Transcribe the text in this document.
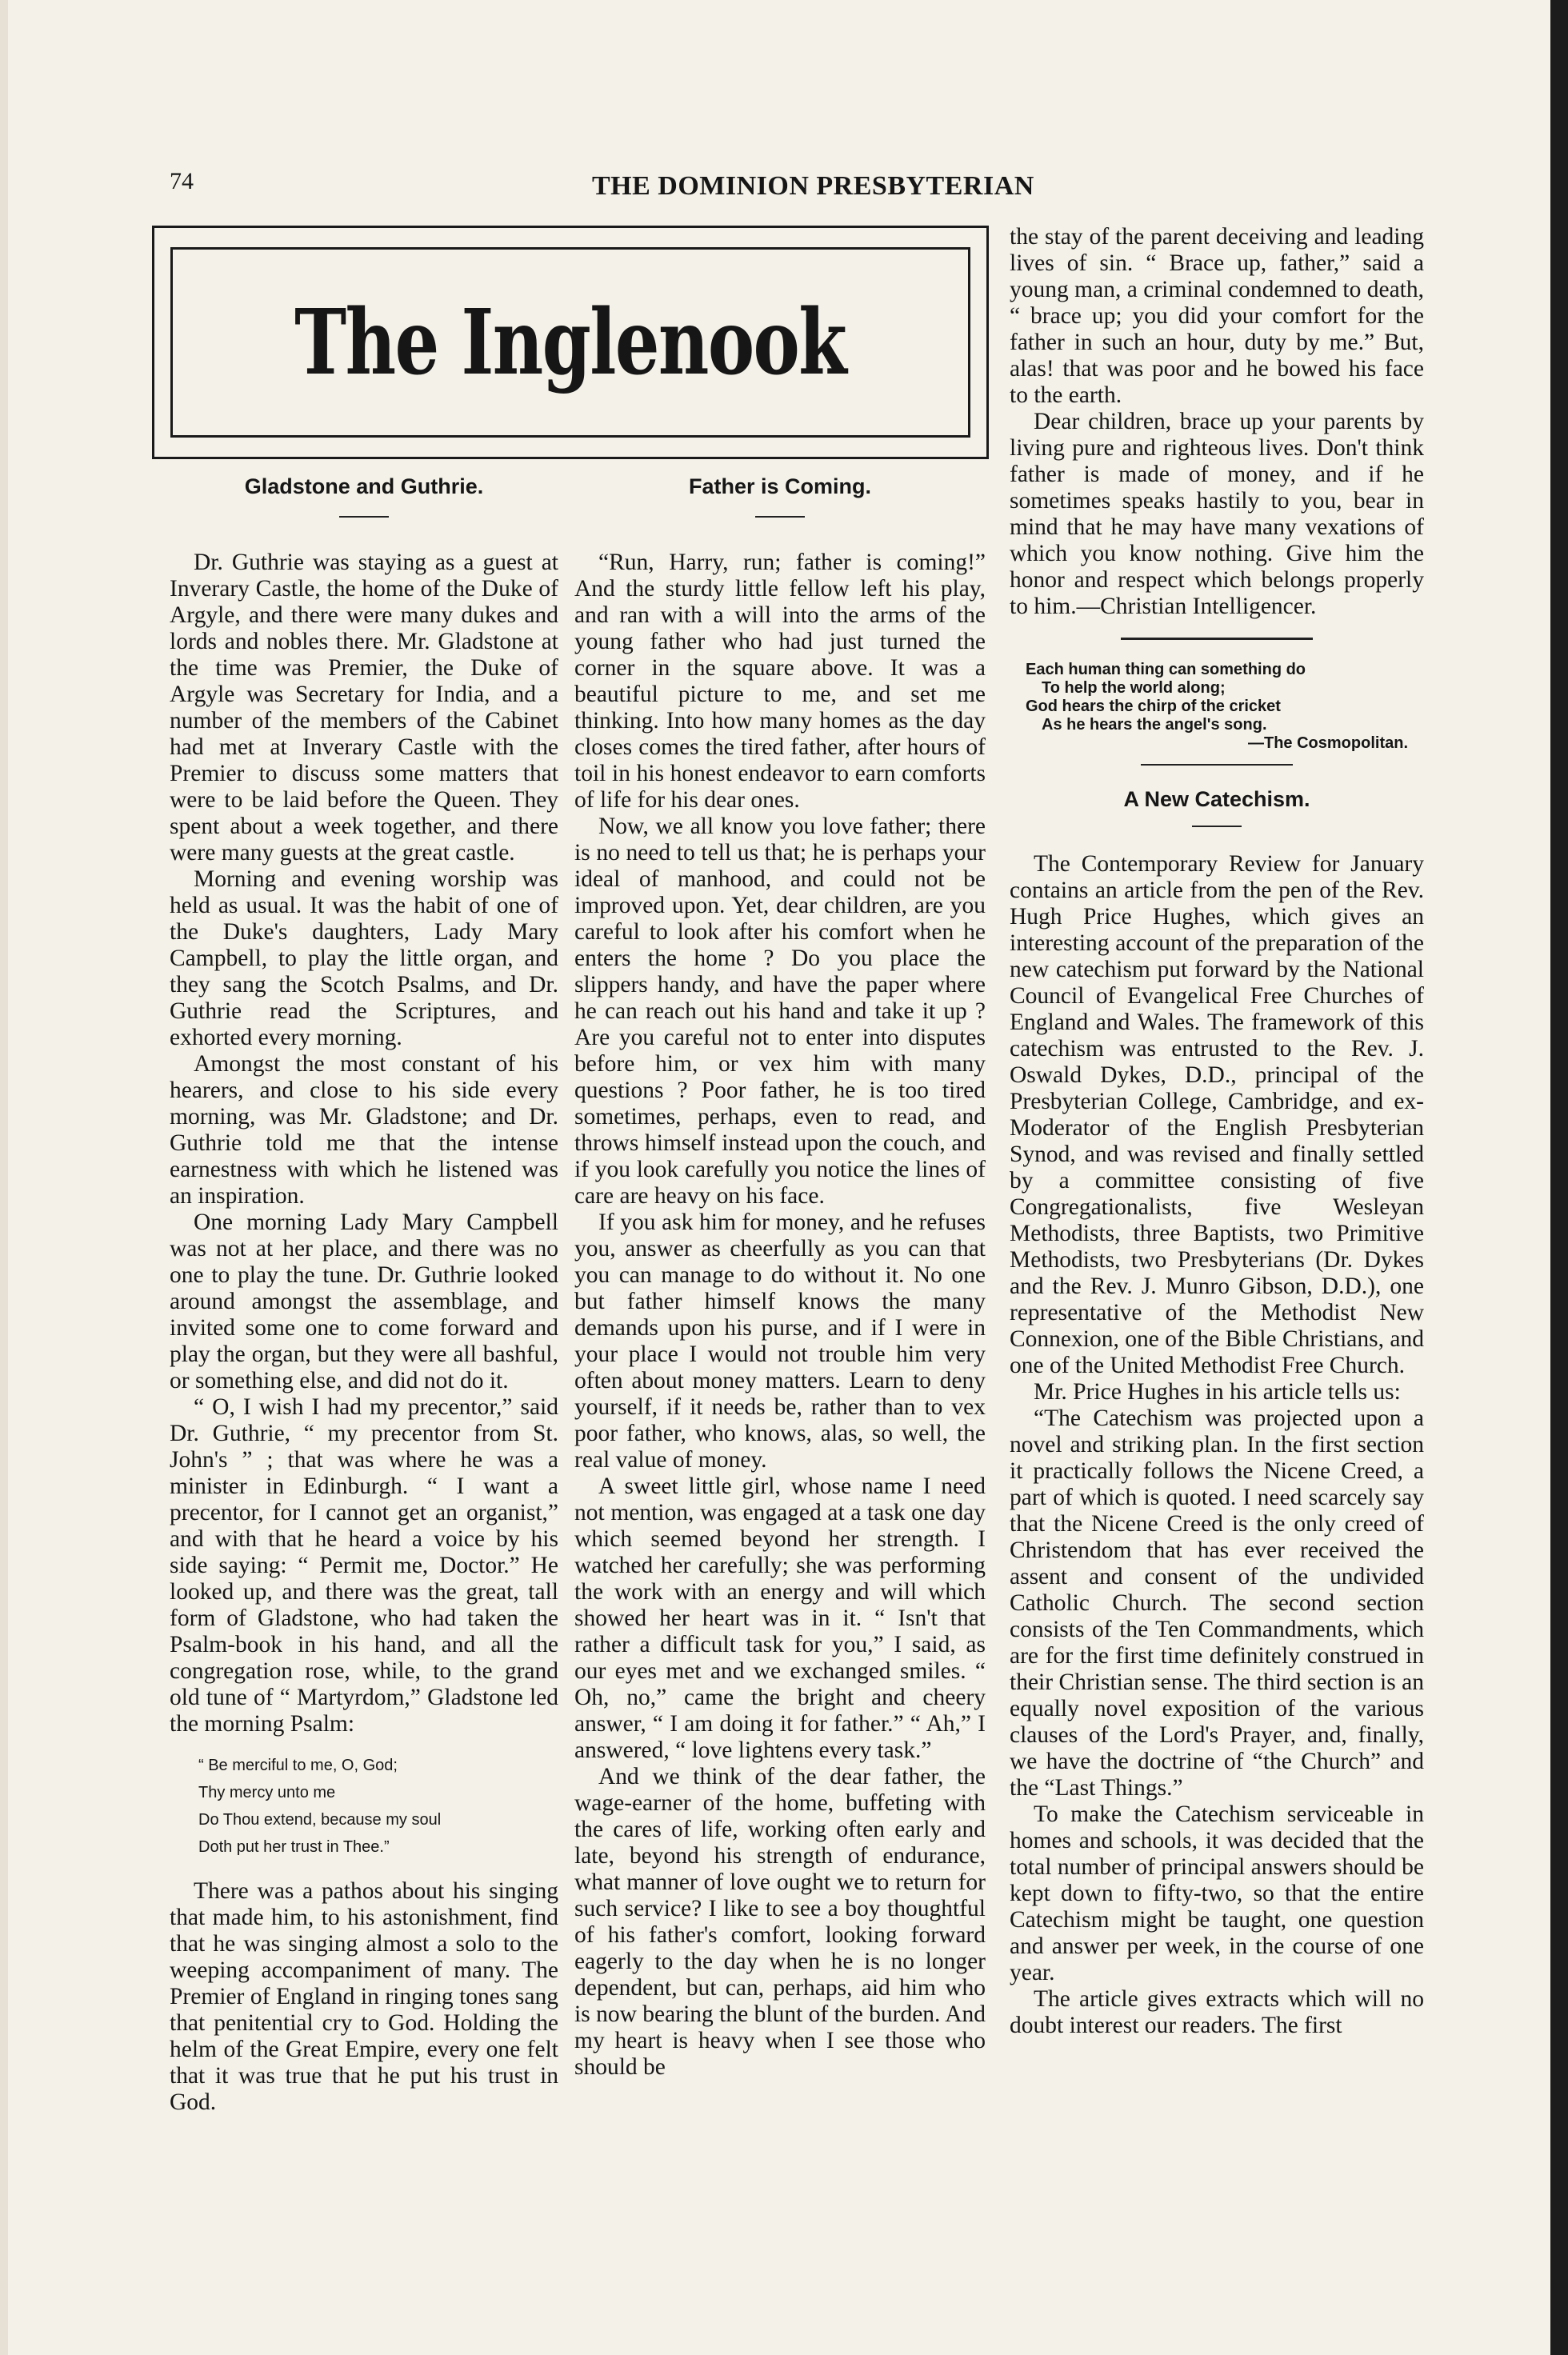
74	THE DOMINION PRESBYTERIAN
The Inglenook
Gladstone and Guthrie.

Dr. Guthrie was staying as a guest at Inverary Castle, the home of the Duke of Argyle, and there were many dukes and lords and nobles there. Mr. Gladstone at the time was Premier, the Duke of Argyle was Secretary for India, and a number of the members of the Cabinet had met at Inverary Castle with the Premier to discuss some matters that were to be laid before the Queen. They spent about a week together, and there were many guests at the great castle.

Morning and evening worship was held as usual. It was the habit of one of the Duke's daughters, Lady Mary Campbell, to play the little organ, and they sang the Scotch Psalms, and Dr. Guthrie read the Scriptures, and exhorted every morning.

Amongst the most constant of his hearers, and close to his side every morning, was Mr. Gladstone; and Dr. Guthrie told me that the intense earnestness with which he listened was an inspiration.

One morning Lady Mary Campbell was not at her place, and there was no one to play the tune. Dr. Guthrie looked around amongst the assemblage, and invited some one to come forward and play the organ, but they were all bashful, or something else, and did not do it.

“ O, I wish I had my precentor,” said Dr. Guthrie, “ my precentor from St. John's ” ; that was where he was a minister in Edinburgh. “ I want a precentor, for I cannot get an organist,” and with that he heard a voice by his side saying: “ Permit me, Doctor.” He looked up, and there was the great, tall form of Gladstone, who had taken the Psalm-book in his hand, and all the congregation rose, while, to the grand old tune of “ Martyrdom,” Gladstone led the morning Psalm:

“ Be merciful to me, O, God;
Thy mercy unto me
Do Thou extend, because my soul
Doth put her trust in Thee.”

There was a pathos about his singing that made him, to his astonishment, find that he was singing almost a solo to the weeping accompaniment of many. The Premier of England in ringing tones sang that penitential cry to God. Holding the helm of the Great Empire, every one felt that it was true that he put his trust in God.

Father is Coming.

“Run, Harry, run; father is coming!” And the sturdy little fellow left his play, and ran with a will into the arms of the young father who had just turned the corner in the square above. It was a beautiful picture to me, and set me thinking. Into how many homes as the day closes comes the tired father, after hours of toil in his honest endeavor to earn comforts of life for his dear ones.

Now, we all know you love father; there is no need to tell us that; he is perhaps your ideal of manhood, and could not be improved upon. Yet, dear children, are you careful to look after his comfort when he enters the home ? Do you place the slippers handy, and have the paper where he can reach out his hand and take it up ? Are you careful not to enter into disputes before him, or vex him with many questions ? Poor father, he is too tired sometimes, perhaps, even to read, and throws himself instead upon the couch, and if you look carefully you notice the lines of care are heavy on his face.

If you ask him for money, and he refuses you, answer as cheerfully as you can that you can manage to do without it. No one but father himself knows the many demands upon his purse, and if I were in your place I would not trouble him very often about money matters. Learn to deny yourself, if it needs be, rather than to vex poor father, who knows, alas, so well, the real value of money.

A sweet little girl, whose name I need not mention, was engaged at a task one day which seemed beyond her strength. I watched her carefully; she was performing the work with an energy and will which showed her heart was in it. “ Isn't that rather a difficult task for you,” I said, as our eyes met and we exchanged smiles. “ Oh, no,” came the bright and cheery answer, “ I am doing it for father.” “ Ah,” I answered, “ love lightens every task.”

And we think of the dear father, the wage-earner of the home, buffeting with the cares of life, working often early and late, beyond his strength of endurance, what manner of love ought we to return for such service? I like to see a boy thoughtful of his father's comfort, looking forward eagerly to the day when he is no longer dependent, but can, perhaps, aid him who is now bearing the blunt of the burden. And my heart is heavy when I see those who should be

the stay of the parent deceiving and leading lives of sin. “ Brace up, father,” said a young man, a criminal condemned to death, “ brace up; you did your comfort for the father in such an hour, duty by me.” But, alas! that was poor and he bowed his face to the earth.

Dear children, brace up your parents by living pure and righteous lives. Don't think father is made of money, and if he sometimes speaks hastily to you, bear in mind that he may have many vexations of which you know nothing. Give him the honor and respect which belongs properly to him.—Christian Intelligencer.

Each human thing can something do
To help the world along;
God hears the chirp of the cricket
As he hears the angel's song.
—The Cosmopolitan.
A New Catechism.

The Contemporary Review for January contains an article from the pen of the Rev. Hugh Price Hughes, which gives an interesting account of the preparation of the new catechism put forward by the National Council of Evangelical Free Churches of England and Wales. The framework of this catechism was entrusted to the Rev. J. Oswald Dykes, D.D., principal of the Presbyterian College, Cambridge, and ex-Moderator of the English Presbyterian Synod, and was revised and finally settled by a committee consisting of five Congregationalists, five Wesleyan Methodists, three Baptists, two Primitive Methodists, two Presbyterians (Dr. Dykes and the Rev. J. Munro Gibson, D.D.), one representative of the Methodist New Connexion, one of the Bible Christians, and one of the United Methodist Free Church.

Mr. Price Hughes in his article tells us:

“The Catechism was projected upon a novel and striking plan. In the first section it practically follows the Nicene Creed, a part of which is quoted. I need scarcely say that the Nicene Creed is the only creed of Christendom that has ever received the assent and consent of the undivided Catholic Church. The second section consists of the Ten Commandments, which are for the first time definitely construed in their Christian sense. The third section is an equally novel exposition of the various clauses of the Lord's Prayer, and, finally, we have the doctrine of “the Church” and the “Last Things.”

To make the Catechism serviceable in homes and schools, it was decided that the total number of principal answers should be kept down to fifty-two, so that the entire Catechism might be taught, one question and answer per week, in the course of one year.

The article gives extracts which will no doubt interest our readers. The first
